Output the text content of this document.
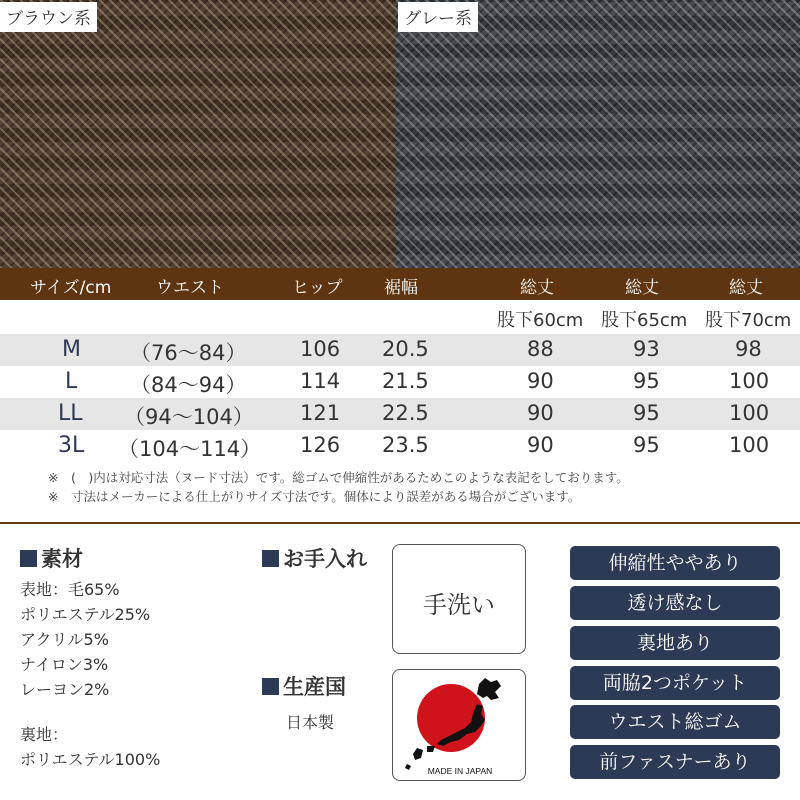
ブラウン系	グレー系
サイズ/cm	ウエスト	ヒップ 裾幅	総丈	総丈	総丈
股下60cm 股下65cm 股下70cm
M （76〜84）	106 20.5	88	93	98
L	（84〜94）	114 21.5	90	95	100
LL （94〜104） 121 22.5	90	95	100
3L （104〜114） 126 23.5	90	95	100
※　(　)内は対応寸法（ヌード寸法）です。総ゴムで伸縮性があるためこのような表記をしております。
※　寸法はメーカーによる仕上がりサイズ寸法です。個体により誤差がある場合がございます。
素材
表地：毛65%
ポリエステル25%
アクリル5%
ナイロン3%
レーヨン2%
裏地：
ポリエステル100%
お手入れ
手洗い
生産国
日本製
MADE IN JAPAN
伸縮性ややあり
透け感なし
裏地あり
両脇2つポケット
ウエスト総ゴム
前ファスナーあり
